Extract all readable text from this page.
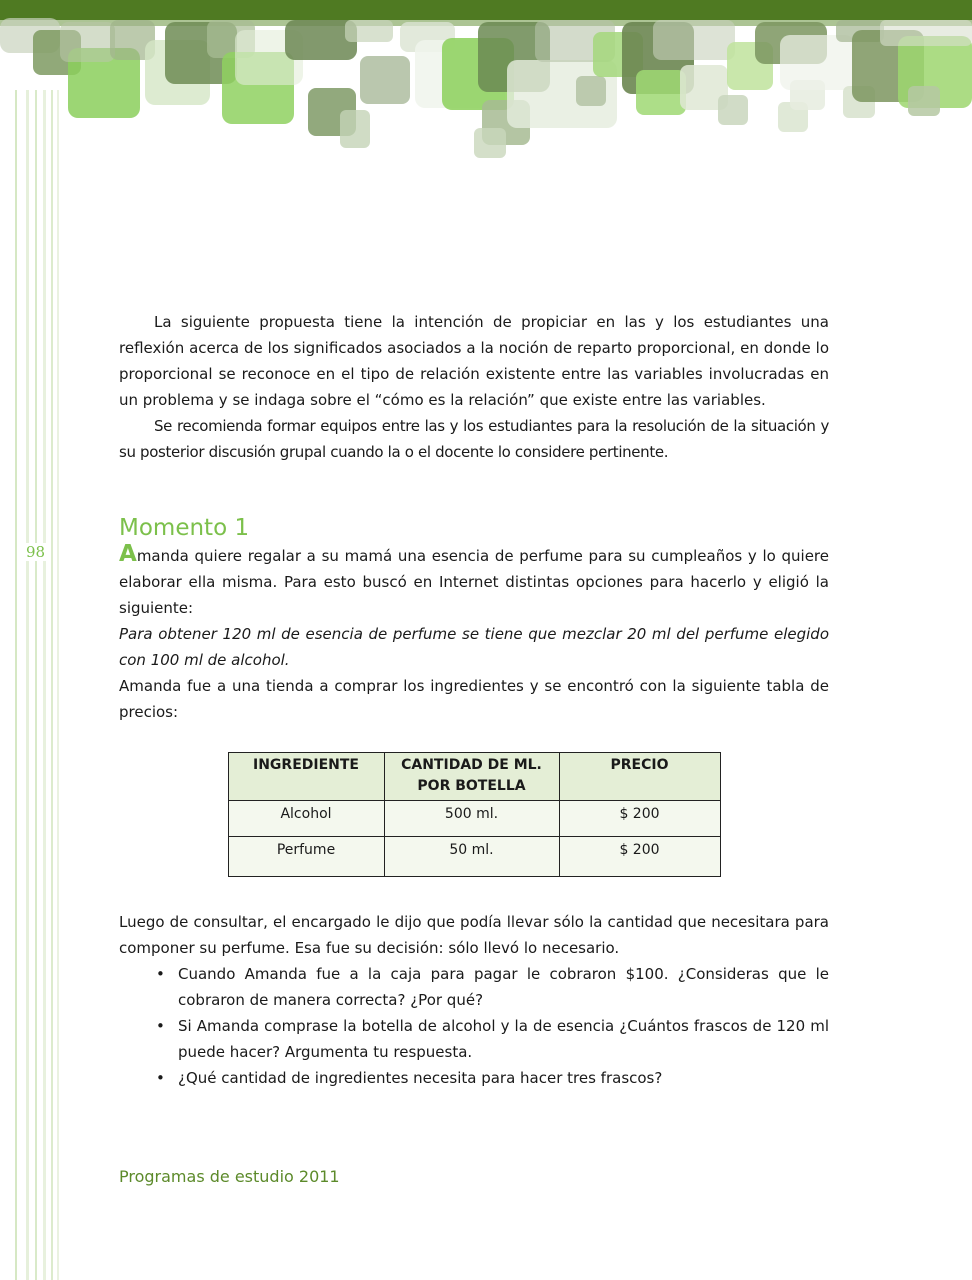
98

La siguiente propuesta tiene la intención de propiciar en las y los estudiantes una reflexión acerca de los significados asociados a la noción de reparto proporcional, en donde lo proporcional se reconoce en el tipo de relación existente entre las variables involucradas en un problema y se indaga sobre el “cómo es la relación” que existe entre las variables.

Se recomienda formar equipos entre las y los estudiantes para la resolución de la situación y su posterior discusión grupal cuando la o el docente lo considere pertinente.

Momento 1

Amanda quiere regalar a su mamá una esencia de perfume para su cumpleaños y lo quiere elaborar ella misma. Para esto buscó en Internet distintas opciones para hacerlo y eligió la siguiente:

Para obtener 120 ml de esencia de perfume se tiene que mezclar 20 ml del perfume elegido con 100 ml de alcohol.

Amanda fue a una tienda a comprar los ingredientes y se encontró con la siguiente tabla de precios:

INGREDIENTE	CANTIDAD DE ML. POR BOTELLA	PRECIO
Alcohol	500 ml.	$ 200
Perfume	50 ml.	$ 200

Luego de consultar, el encargado le dijo que podía llevar sólo la cantidad que necesitara para componer su perfume. Esa fue su decisión: sólo llevó lo necesario.

• Cuando Amanda fue a la caja para pagar le cobraron $100. ¿Consideras que le cobraron de manera correcta? ¿Por qué?
• Si Amanda comprase la botella de alcohol y la de esencia ¿Cuántos frascos de 120 ml puede hacer? Argumenta tu respuesta.
• ¿Qué cantidad de ingredientes necesita para hacer tres frascos?
Programas de estudio 2011
